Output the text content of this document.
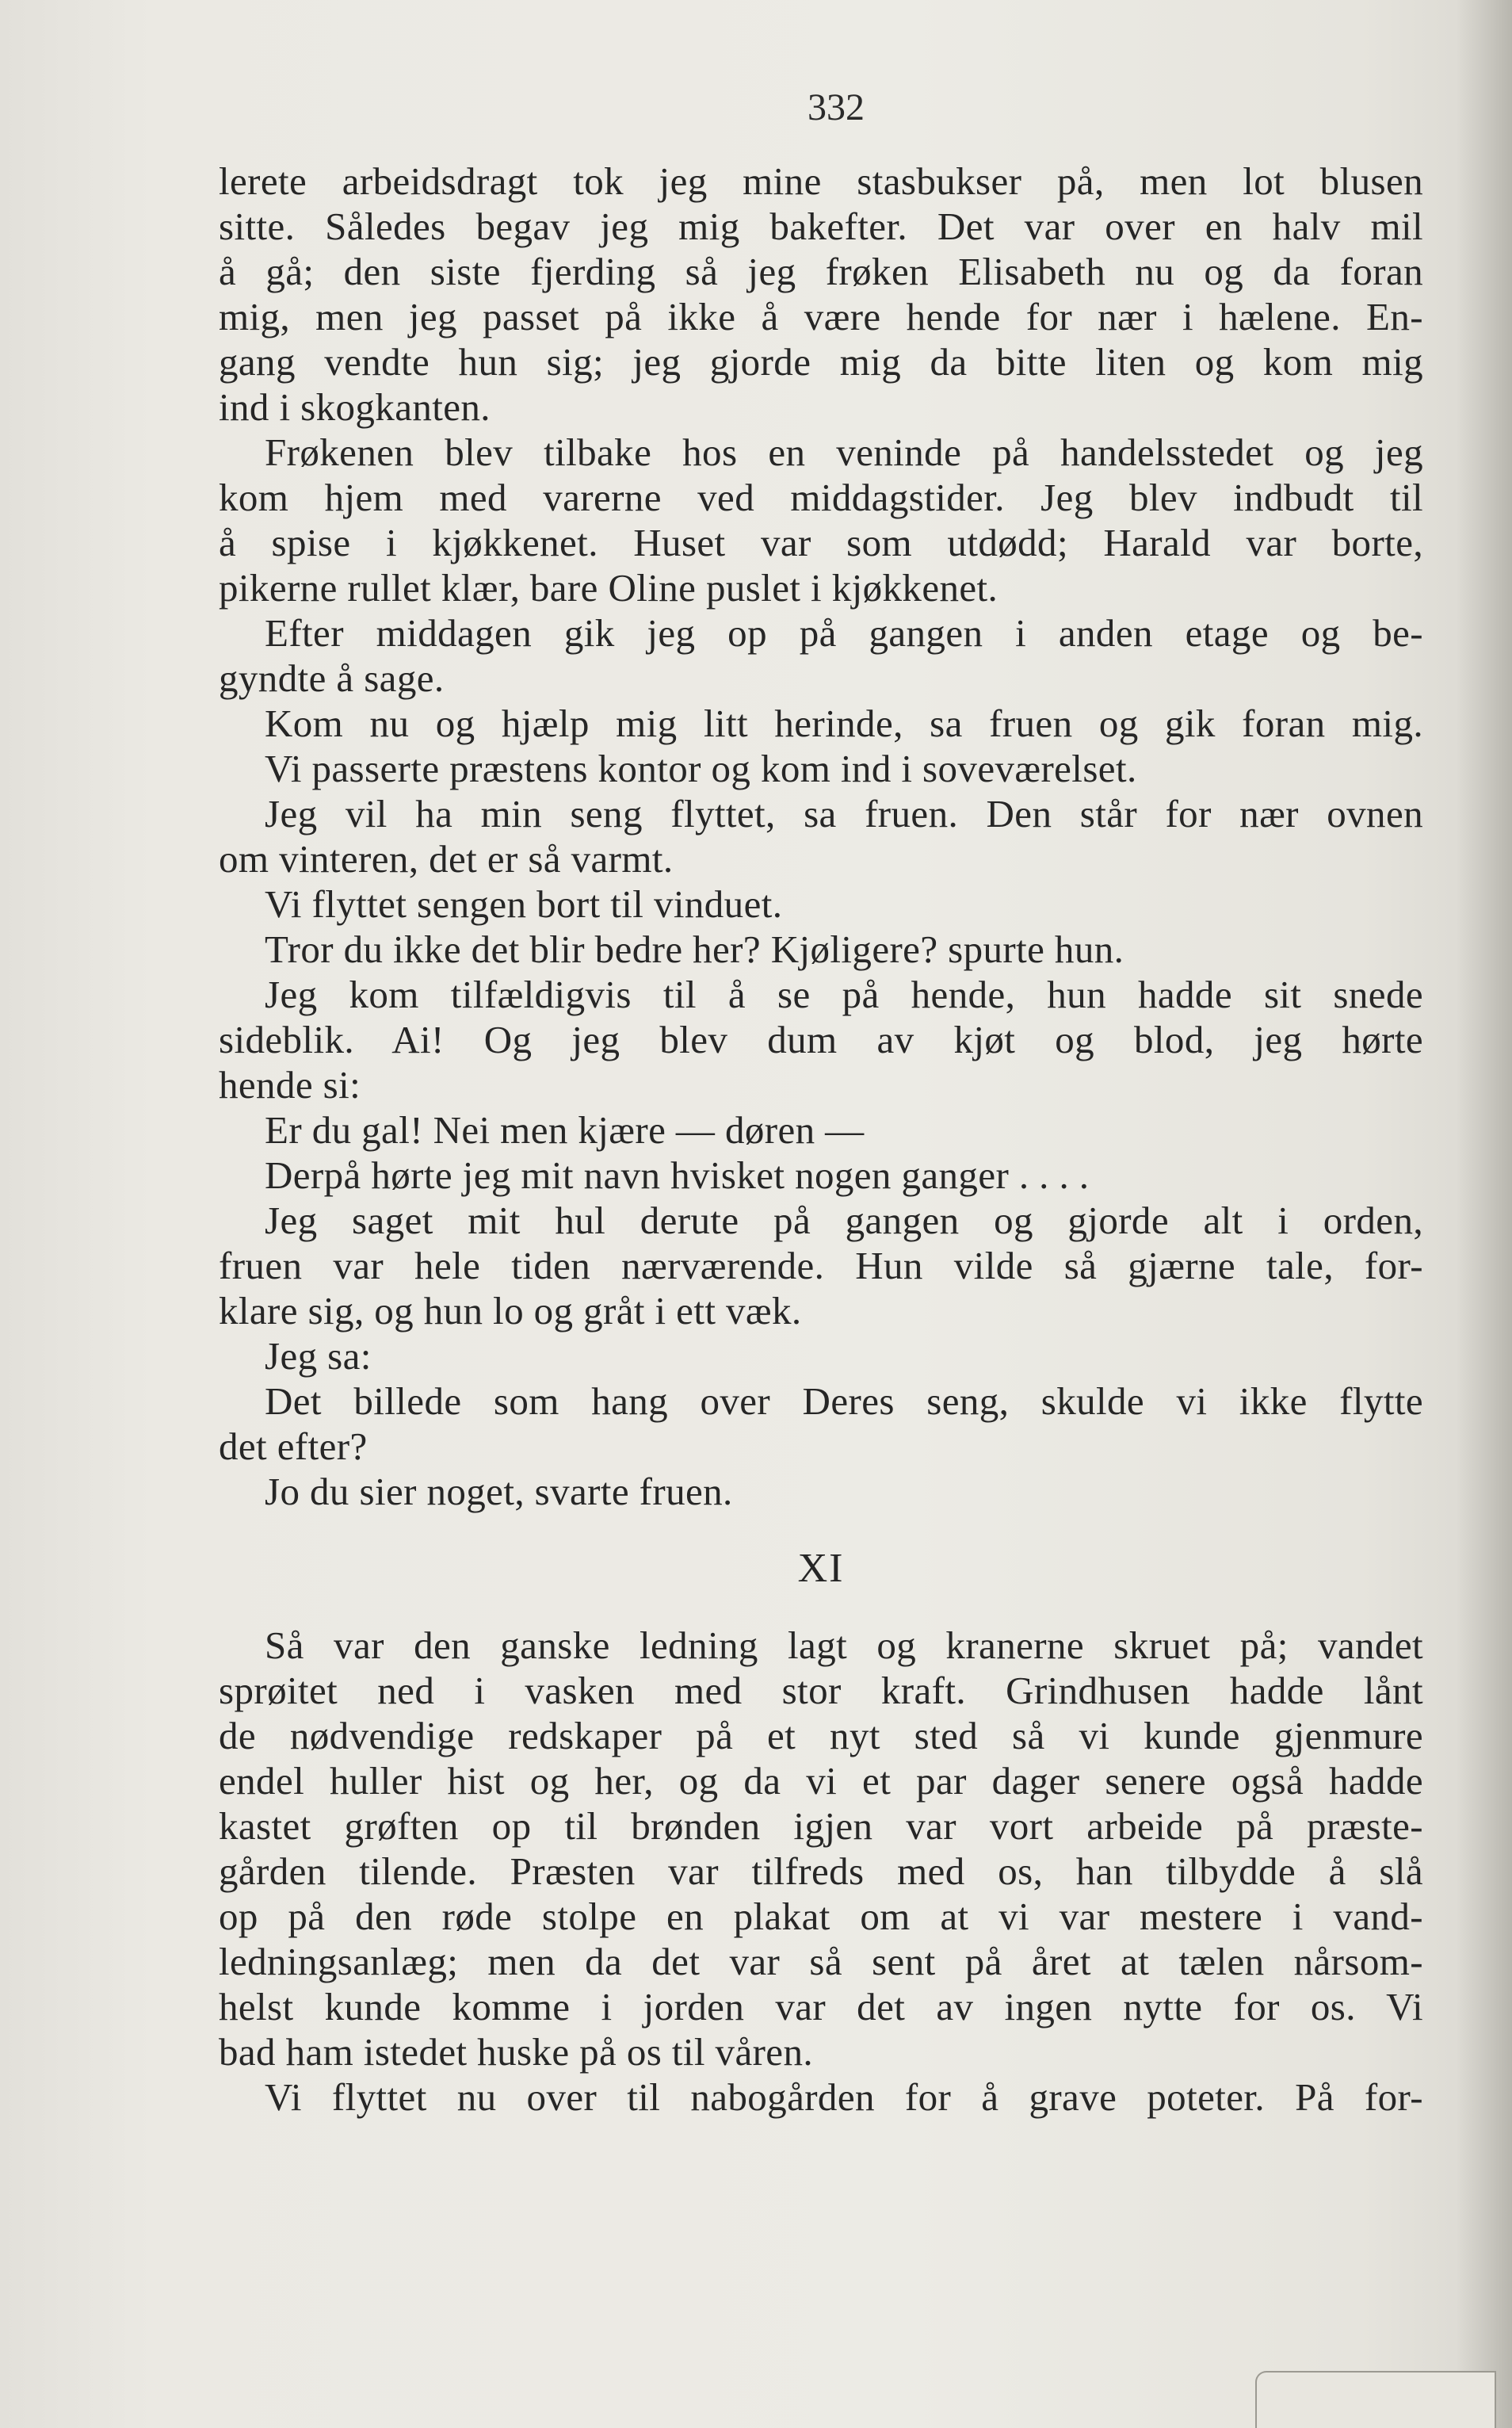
332
lerete arbeidsdragt tok jeg mine stasbukser på, men lot blusen
sitte. Således begav jeg mig bakefter. Det var over en halv mil
å gå; den siste fjerding så jeg frøken Elisabeth nu og da foran
mig, men jeg passet på ikke å være hende for nær i hælene. En-
gang vendte hun sig; jeg gjorde mig da bitte liten og kom mig
ind i skogkanten.
Frøkenen blev tilbake hos en veninde på handelsstedet og jeg
kom hjem med varerne ved middagstider. Jeg blev indbudt til
å spise i kjøkkenet. Huset var som utdødd; Harald var borte,
pikerne rullet klær, bare Oline puslet i kjøkkenet.
Efter middagen gik jeg op på gangen i anden etage og be-
gyndte å sage.
Kom nu og hjælp mig litt herinde, sa fruen og gik foran mig.
Vi passerte præstens kontor og kom ind i soveværelset.
Jeg vil ha min seng flyttet, sa fruen. Den står for nær ovnen
om vinteren, det er så varmt.
Vi flyttet sengen bort til vinduet.
Tror du ikke det blir bedre her? Kjøligere? spurte hun.
Jeg kom tilfældigvis til å se på hende, hun hadde sit snede
sideblik. Ai! Og jeg blev dum av kjøt og blod, jeg hørte
hende si:
Er du gal! Nei men kjære — døren —
Derpå hørte jeg mit navn hvisket nogen ganger . . . .
Jeg saget mit hul derute på gangen og gjorde alt i orden,
fruen var hele tiden nærværende. Hun vilde så gjærne tale, for-
klare sig, og hun lo og gråt i ett væk.
Jeg sa:
Det billede som hang over Deres seng, skulde vi ikke flytte
det efter?
Jo du sier noget, svarte fruen.
XI
Så var den ganske ledning lagt og kranerne skruet på; vandet
sprøitet ned i vasken med stor kraft. Grindhusen hadde lånt
de nødvendige redskaper på et nyt sted så vi kunde gjenmure
endel huller hist og her, og da vi et par dager senere også hadde
kastet grøften op til brønden igjen var vort arbeide på præste-
gården tilende. Præsten var tilfreds med os, han tilbydde å slå
op på den røde stolpe en plakat om at vi var mestere i vand-
ledningsanlæg; men da det var så sent på året at tælen nårsom-
helst kunde komme i jorden var det av ingen nytte for os. Vi
bad ham istedet huske på os til våren.
Vi flyttet nu over til nabogården for å grave poteter. På for-
